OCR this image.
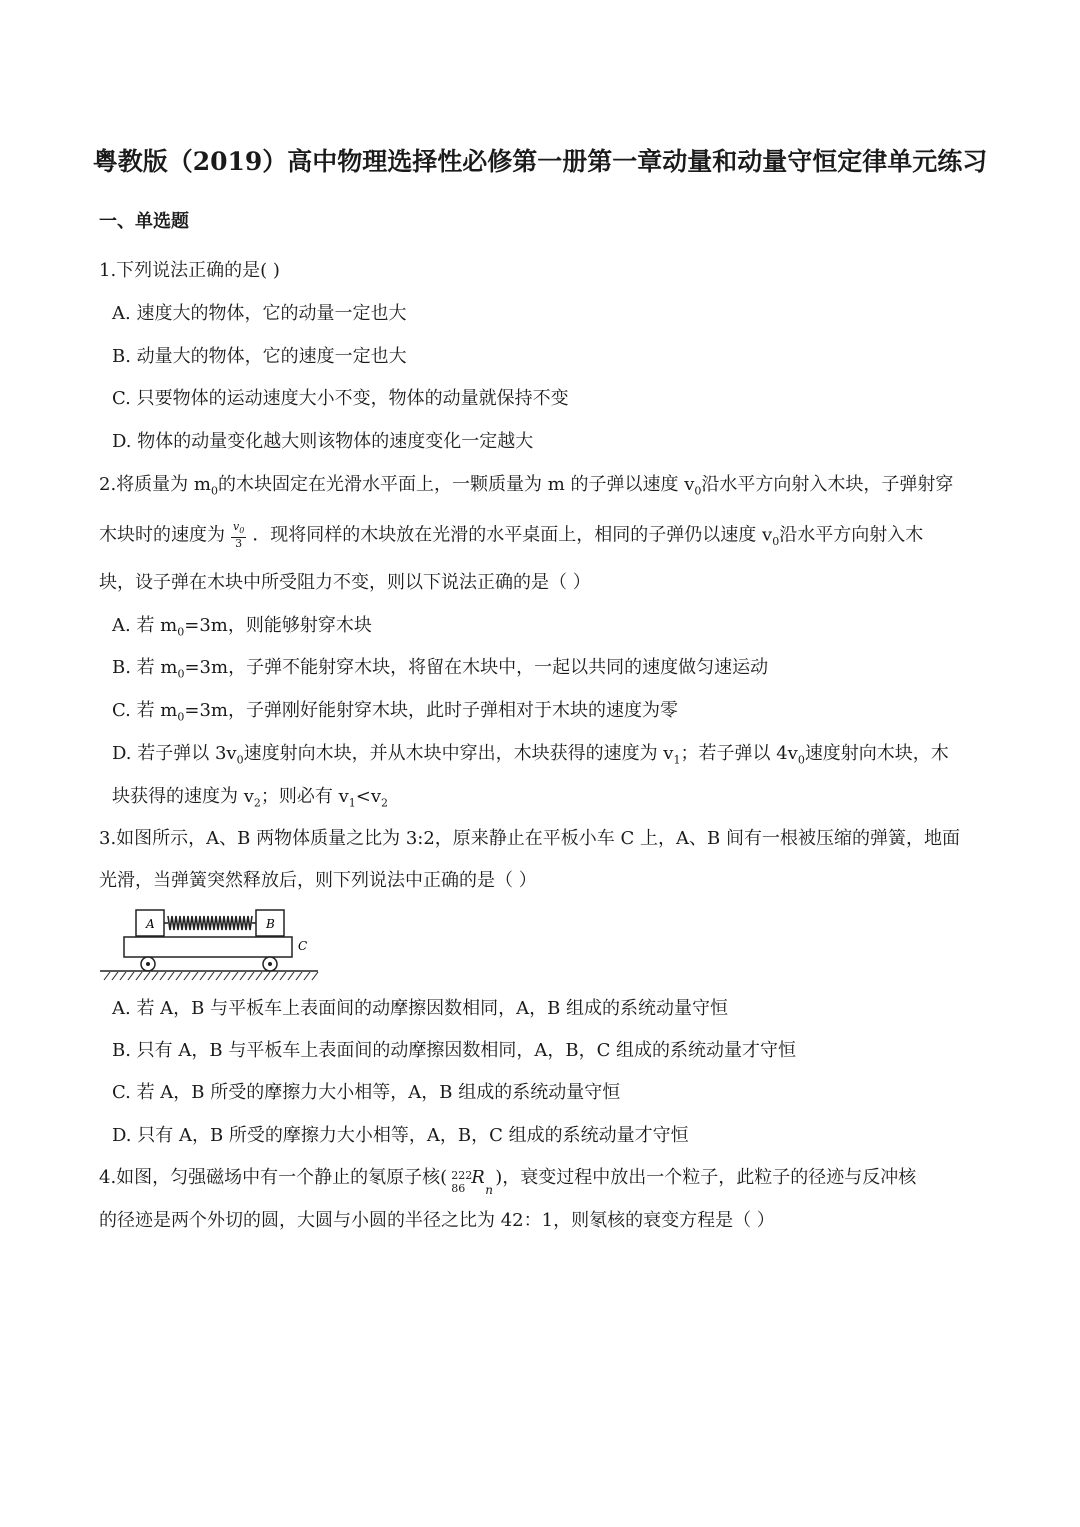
粤教版（2019）高中物理选择性必修第一册第一章动量和动量守恒定律单元练习
一、单选题
1.下列说法正确的是( )
A. 速度大的物体，它的动量一定也大
B. 动量大的物体，它的速度一定也大
C. 只要物体的运动速度大小不变，物体的动量就保持不变
D. 物体的动量变化越大则该物体的速度变化一定越大
2.将质量为 $m_0$的木块固定在光滑水平面上，一颗质量为 m 的子弹以速度 $v_0$沿水平方向射入木块，子弹射穿
木块时的速度为 $\frac{v_0}{3}$ ．现将同样的木块放在光滑的水平桌面上，相同的子弹仍以速度 $v_0$沿水平方向射入木
块，设子弹在木块中所受阻力不变，则以下说法正确的是（ ）
A. 若 $m_0=3m$，则能够射穿木块
B. 若 $m_0=3m$，子弹不能射穿木块，将留在木块中，一起以共同的速度做匀速运动
C. 若 $m_0=3m$，子弹刚好能射穿木块，此时子弹相对于木块的速度为零
D. 若子弹以 $3v_0$速度射向木块，并从木块中穿出，木块获得的速度为 $v_1$；若子弹以 $4v_0$速度射向木块，木
块获得的速度为 $v_2$；则必有 $v_1<v_2$
3.如图所示，A、B 两物体质量之比为 3:2，原来静止在平板小车 C 上，A、B 间有一根被压缩的弹簧，地面
光滑，当弹簧突然释放后，则下列说法中正确的是（ ）
A	B
C
A. 若 A，B 与平板车上表面间的动摩擦因数相同，A，B 组成的系统动量守恒
B. 只有 A，B 与平板车上表面间的动摩擦因数相同，A，B，C 组成的系统动量才守恒
C. 若 A，B 所受的摩擦力大小相等，A，B 组成的系统动量守恒
D. 只有 A，B 所受的摩擦力大小相等，A，B，C 组成的系统动量才守恒
4.如图，匀强磁场中有一个静止的氡原子核( 222
86
R
n
)，衰变过程中放出一个粒子，此粒子的径迹与反冲核
的径迹是两个外切的圆，大圆与小圆的半径之比为 42：1，则氡核的衰变方程是（ ）
